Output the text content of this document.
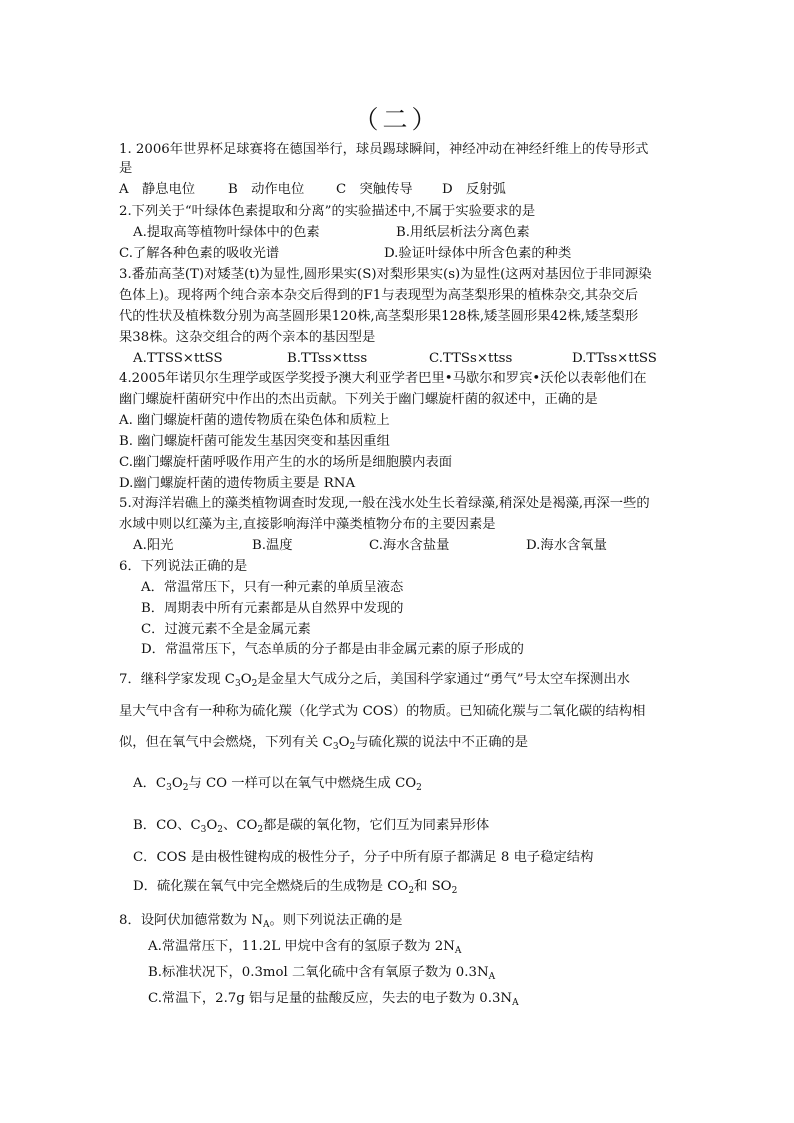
（二）
1. 2006年世界杯足球赛将在德国举行，球员踢球瞬间，神经冲动在神经纤维上的传导形式
是
A　静息电位 B　动作电位 C　突触传导 D　反射弧
2.下列关于“叶绿体色素提取和分离”的实验描述中,不属于实验要求的是
A.提取高等植物叶绿体中的色素	B.用纸层析法分离色素
C.了解各种色素的吸收光谱	D.验证叶绿体中所含色素的种类
3.番茄高茎(T)对矮茎(t)为显性,圆形果实(S)对梨形果实(s)为显性(这两对基因位于非同源染
色体上)。现将两个纯合亲本杂交后得到的F1与表现型为高茎梨形果的植株杂交,其杂交后
代的性状及植株数分别为高茎圆形果120株,高茎梨形果128株,矮茎圆形果42株,矮茎梨形
果38株。这杂交组合的两个亲本的基因型是
A.TTSS×ttSS	B.TTss×ttss	C.TTSs×ttss	D.TTss×ttSS
4.2005年诺贝尔生理学或医学奖授予澳大利亚学者巴里•马歇尔和罗宾•沃伦以表彰他们在
幽门螺旋杆菌研究中作出的杰出贡献。下列关于幽门螺旋杆菌的叙述中，正确的是
A. 幽门螺旋杆菌的遗传物质在染色体和质粒上
B. 幽门螺旋杆菌可能发生基因突变和基因重组
C.幽门螺旋杆菌呼吸作用产生的水的场所是细胞膜内表面
D.幽门螺旋杆菌的遗传物质主要是 RNA
5.对海洋岩礁上的藻类植物调查时发现,一般在浅水处生长着绿藻,稍深处是褐藻,再深一些的
水域中则以红藻为主,直接影响海洋中藻类植物分布的主要因素是
A.阳光	B.温度	C.海水含盐量	D.海水含氧量
6．下列说法正确的是
A．常温常压下，只有一种元素的单质呈液态
B．周期表中所有元素都是从自然界中发现的
C．过渡元素不全是金属元素
D．常温常压下，气态单质的分子都是由非金属元素的原子形成的
7．继科学家发现 $C_3O_2$是金星大气成分之后，美国科学家通过“勇气”号太空车探测出水
星大气中含有一种称为硫化羰（化学式为 COS）的物质。已知硫化羰与二氧化碳的结构相
似，但在氧气中会燃烧，下列有关 $C_3O_2$与硫化羰的说法中不正确的是
A．$C_3O_2$与 CO 一样可以在氧气中燃烧生成 $CO_2$
B．CO、$C_3O_2$、$CO_2$都是碳的氧化物，它们互为同素异形体
C．COS 是由极性键构成的极性分子，分子中所有原子都满足 8 电子稳定结构
D．硫化羰在氧气中完全燃烧后的生成物是 $CO_2$和 $SO_2$
8．设阿伏加德常数为 $N_A$。则下列说法正确的是
A.常温常压下，11.2L 甲烷中含有的氢原子数为 $2N_A$
B.标准状况下，0.3mol 二氧化硫中含有氧原子数为 $0.3N_A$
C.常温下，2.7g 铝与足量的盐酸反应，失去的电子数为 $0.3N_A$
